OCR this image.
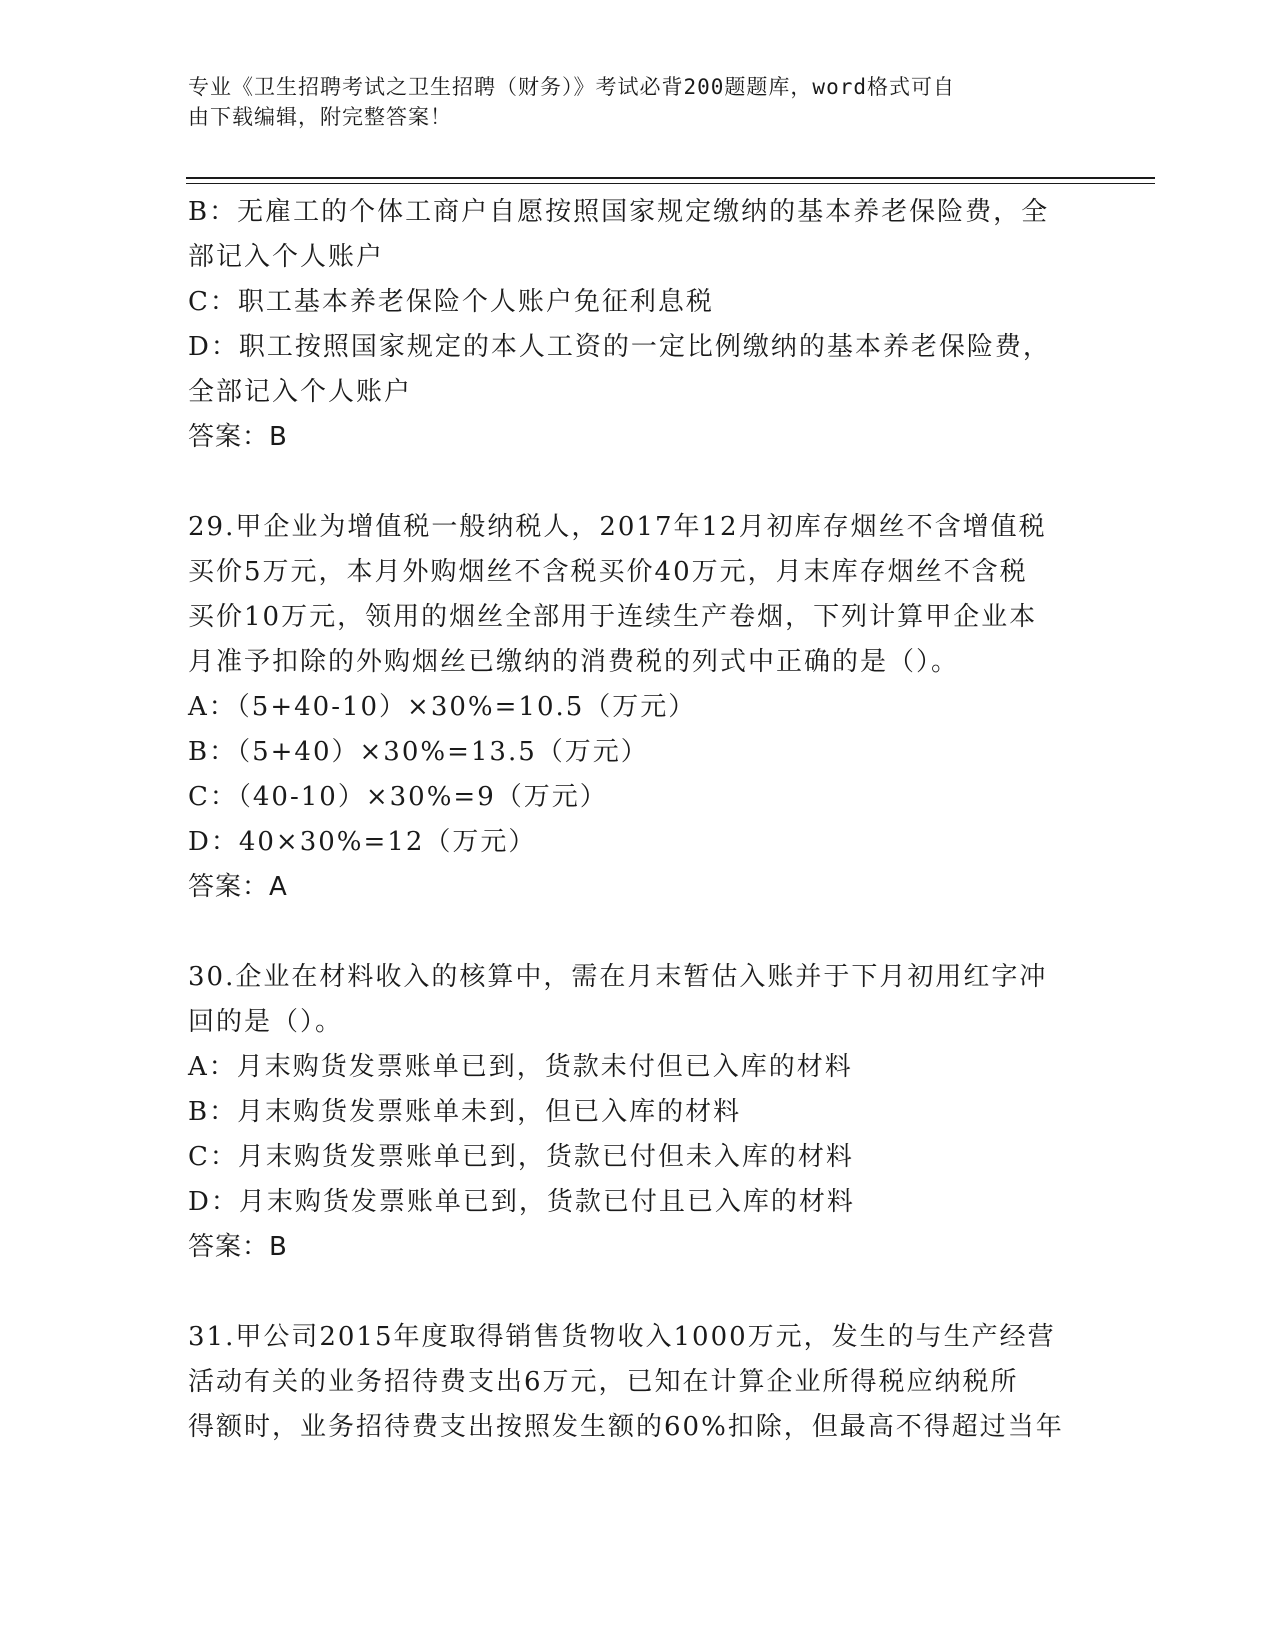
专业《卫生招聘考试之卫生招聘（财务）》考试必背200题题库，word格式可自
由下载编辑，附完整答案！
B：无雇工的个体工商户自愿按照国家规定缴纳的基本养老保险费，全
部记入个人账户
C：职工基本养老保险个人账户免征利息税
D：职工按照国家规定的本人工资的一定比例缴纳的基本养老保险费，
全部记入个人账户
答案：B
29.甲企业为增值税一般纳税人，2017年12月初库存烟丝不含增值税
买价5万元，本月外购烟丝不含税买价40万元，月末库存烟丝不含税
买价10万元，领用的烟丝全部用于连续生产卷烟，下列计算甲企业本
月准予扣除的外购烟丝已缴纳的消费税的列式中正确的是（）。
A：（5+40-10）×30%=10.5（万元）
B：（5+40）×30%=13.5（万元）
C：（40-10）×30%=9（万元）
D：40×30%=12（万元）
答案：A
30.企业在材料收入的核算中，需在月末暂估入账并于下月初用红字冲
回的是（）。
A：月末购货发票账单已到，货款未付但已入库的材料
B：月末购货发票账单未到，但已入库的材料
C：月末购货发票账单已到，货款已付但未入库的材料
D：月末购货发票账单已到，货款已付且已入库的材料
答案：B
31.甲公司2015年度取得销售货物收入1000万元，发生的与生产经营
活动有关的业务招待费支出6万元，已知在计算企业所得税应纳税所
得额时，业务招待费支出按照发生额的60%扣除，但最高不得超过当年
